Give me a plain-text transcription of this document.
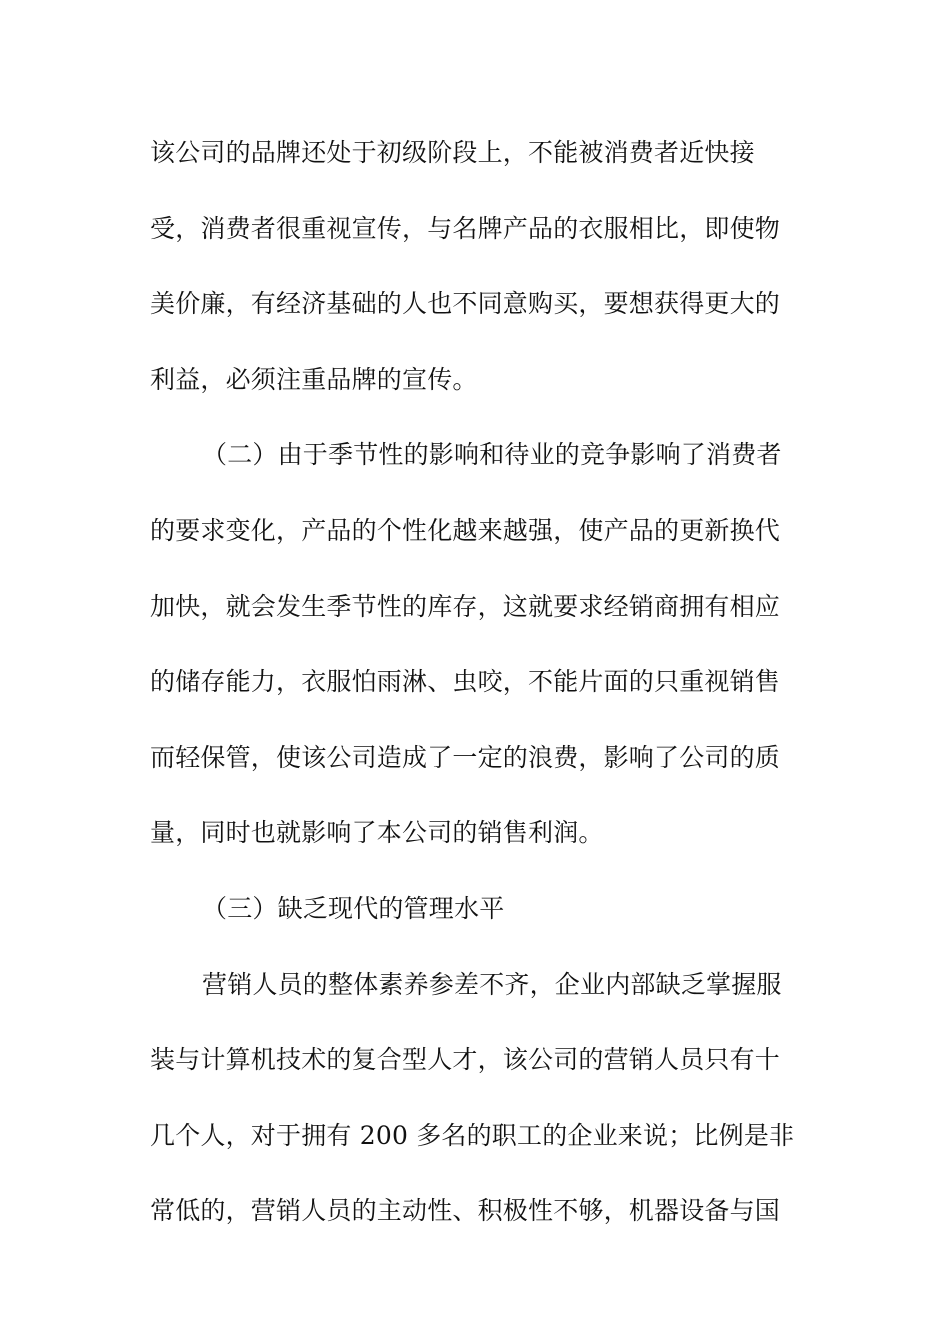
该公司的品牌还处于初级阶段上，不能被消费者近快接
受，消费者很重视宣传，与名牌产品的衣服相比，即使物
美价廉，有经济基础的人也不同意购买，要想获得更大的
利益，必须注重品牌的宣传。
（二）由于季节性的影响和待业的竞争影响了消费者
的要求变化，产品的个性化越来越强，使产品的更新换代
加快，就会发生季节性的库存，这就要求经销商拥有相应
的储存能力，衣服怕雨淋、虫咬，不能片面的只重视销售
而轻保管，使该公司造成了一定的浪费，影响了公司的质
量，同时也就影响了本公司的销售利润。
（三）缺乏现代的管理水平
营销人员的整体素养参差不齐，企业内部缺乏掌握服
装与计算机技术的复合型人才，该公司的营销人员只有十
几个人，对于拥有 200 多名的职工的企业来说；比例是非
常低的，营销人员的主动性、积极性不够，机器设备与国
